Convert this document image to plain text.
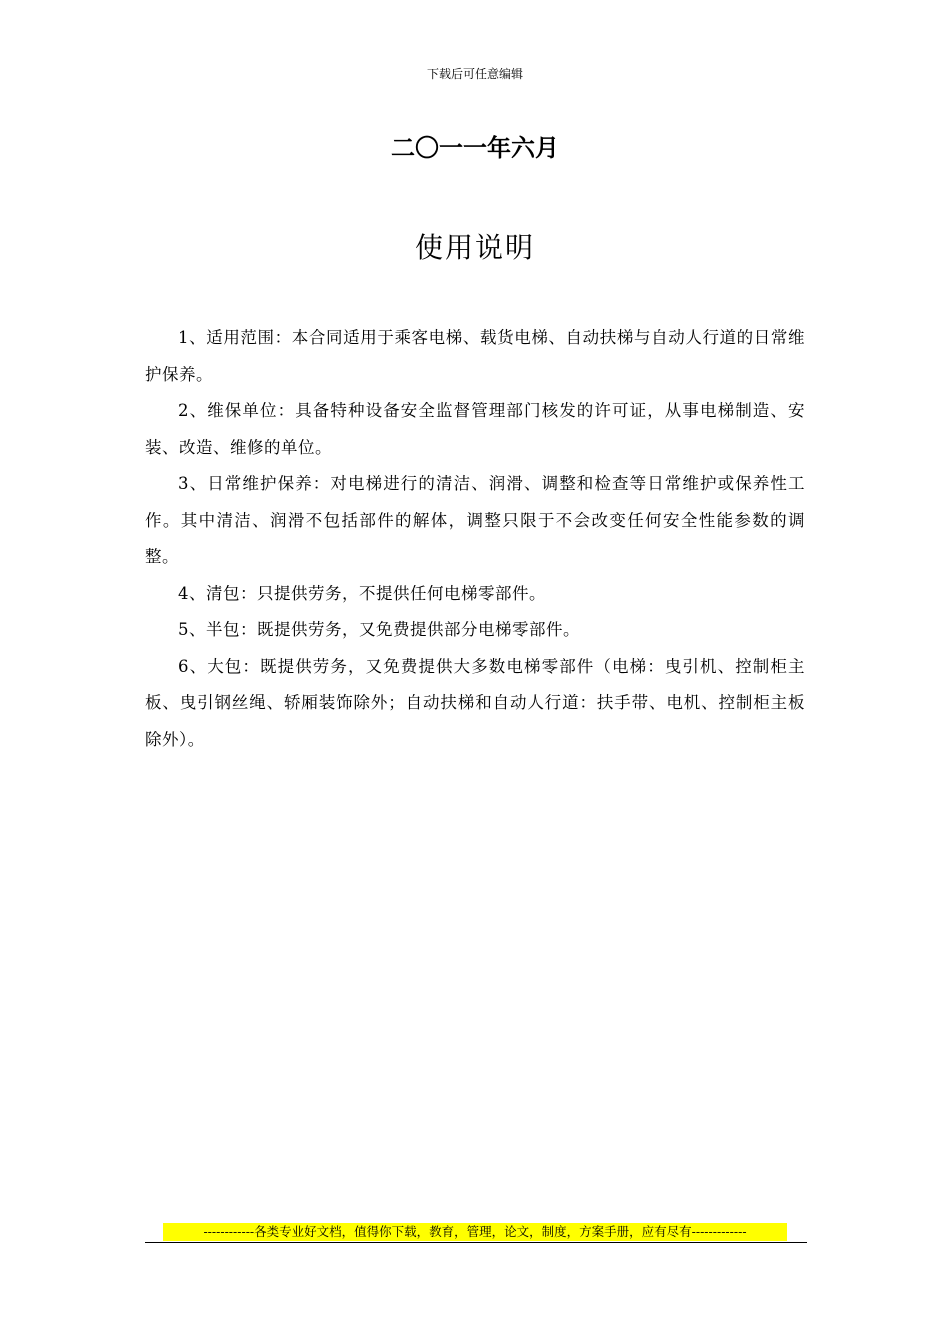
下载后可任意编辑
二〇一一年六月
使用说明

1、适用范围：本合同适用于乘客电梯、载货电梯、自动扶梯与自动人行道的日常维护保养。

2、维保单位：具备特种设备安全监督管理部门核发的许可证，从事电梯制造、安装、改造、维修的单位。

3、日常维护保养：对电梯进行的清洁、润滑、调整和检查等日常维护或保养性工作。其中清洁、润滑不包括部件的解体，调整只限于不会改变任何安全性能参数的调整。

4、清包：只提供劳务，不提供任何电梯零部件。

5、半包：既提供劳务，又免费提供部分电梯零部件。

6、大包：既提供劳务，又免费提供大多数电梯零部件（电梯：曳引机、控制柜主板、曳引钢丝绳、轿厢装饰除外；自动扶梯和自动人行道：扶手带、电机、控制柜主板除外）。

------------各类专业好文档，值得你下载，教育，管理，论文，制度，方案手册，应有尽有-------------
